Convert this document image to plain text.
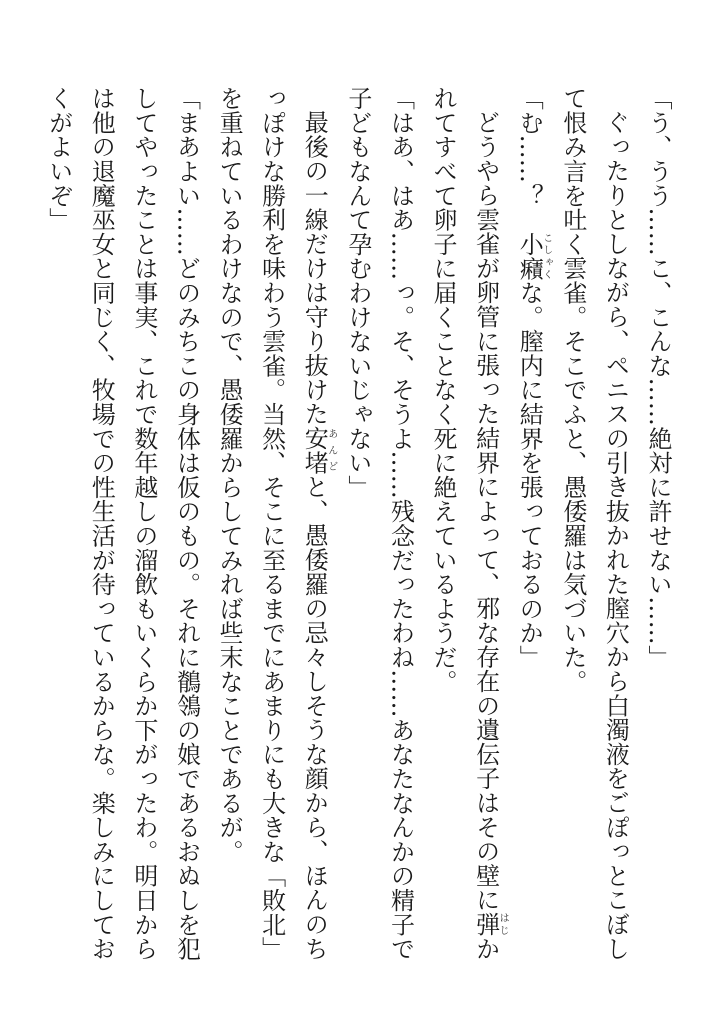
「う、うう……こ、こんな……絶対に許せない……」

ぐったりとしながら、ペニスの引き抜かれた膣穴から白濁液をごぽっとこぼして恨み言を吐く雲雀。そこでふと、愚倭羅は気づいた。

「む……？　小癪こしゃくな。膣内に結界を張っておるのか」

どうやら雲雀が卵管に張った結界によって、邪な存在の遺伝子はその壁に弾はじかれてすべて卵子に届くことなく死に絶えているようだ。

「はあ、はあ……っ。そ、そうよ……残念だったわね……あなたなんかの精子で子どもなんて孕むわけないじゃない」

最後の一線だけは守り抜けた安堵あんどと、愚倭羅の忌々しそうな顔から、ほんのちっぽけな勝利を味わう雲雀。当然、そこに至るまでにあまりにも大きな「敗北」を重ねているわけなので、愚倭羅からしてみれば些末なことであるが。

「まあよい……どのみちこの身体は仮のもの。それに鶺鴒の娘であるおぬしを犯してやったことは事実、これで数年越しの溜飲もいくらか下がったわ。明日からは他の退魔巫女と同じく、牧場での性生活が待っているからな。楽しみにしておくがよいぞ」
